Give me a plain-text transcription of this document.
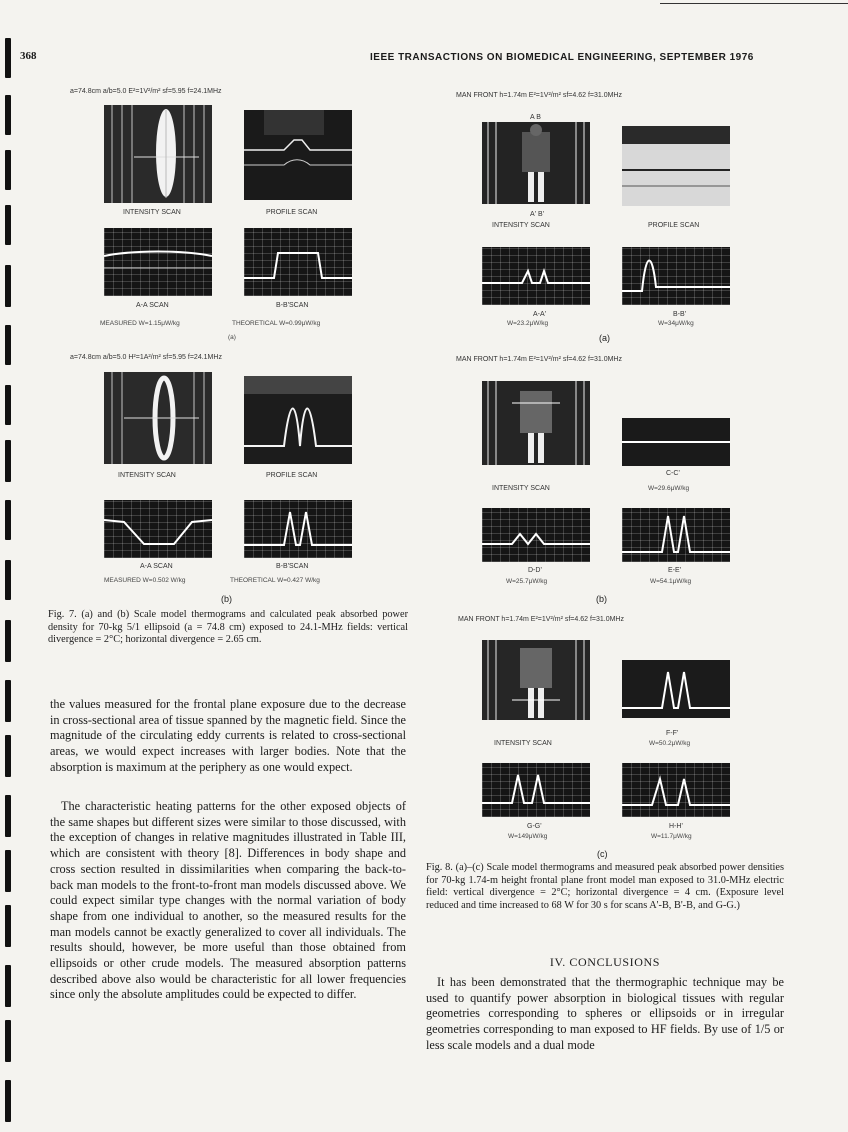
368	IEEE TRANSACTIONS ON BIOMEDICAL ENGINEERING, SEPTEMBER 1976
a=74.8cm a/b=5.0 E²=1V²/m² sf=5.95 f=24.1MHz
INTENSITY SCAN	PROFILE SCAN
A-A SCAN	B-B'SCAN
MEASURED W=1.15μW/kg	THEORETICAL W=0.99μW/kg
(a)
a=74.8cm a/b=5.0 H²=1A²/m² sf=5.95 f=24.1MHz
INTENSITY SCAN	PROFILE SCAN
A-A SCAN	B-B'SCAN
MEASURED W=0.502 W/kg	THEORETICAL W=0.427 W/kg
(b)
Fig. 7. (a) and (b) Scale model thermograms and calculated peak absorbed power density for 70-kg 5/1 ellipsoid (a = 74.8 cm) exposed to 24.1-MHz fields: vertical divergence = 2°C; horizontal divergence = 2.65 cm.
the values measured for the frontal plane exposure due to the decrease in cross-sectional area of tissue spanned by the magnetic field. Since the magnitude of the circulating eddy currents is related to cross-sectional areas, we would expect increases with larger bodies. Note that the absorption is maximum at the periphery as one would expect.
The characteristic heating patterns for the other exposed objects of the same shapes but different sizes were similar to those discussed, with the exception of changes in relative magnitudes illustrated in Table III, which are consistent with theory [8]. Differences in body shape and cross section resulted in dissimilarities when comparing the back-to-back man models to the front-to-front man models discussed above. We could expect similar type changes with the normal variation of body shape from one individual to another, so the measured results for the man models cannot be exactly generalized to cover all individuals. The results should, however, be more useful than those obtained from ellipsoids or other crude models. The measured absorption patterns described above also would be characteristic for all lower frequencies since only the absolute amplitudes could be expected to differ.
MAN FRONT h=1.74m E²=1V²/m² sf=4.62 f=31.0MHz
A B
A' B'
INTENSITY SCAN	PROFILE SCAN
A-A'
W=23.2μW/kg
B-B'
W=34μW/kg
(a)
MAN FRONT h=1.74m E²=1V²/m² sf=4.62 f=31.0MHz
C-C'
INTENSITY SCAN	W=29.6μW/kg
D-D'
W=25.7μW/kg
E-E'
W=54.1μW/kg
(b)
MAN FRONT h=1.74m E²=1V²/m² sf=4.62 f=31.0MHz
F-F'
INTENSITY SCAN	W=50.2μW/kg
G-G'
W=149μW/kg
H-H'
W=11.7μW/kg
(c)
Fig. 8. (a)–(c) Scale model thermograms and measured peak absorbed power densities for 70-kg 1.74-m height frontal plane front model man exposed to 31.0-MHz electric field: vertical divergence = 2°C; horizontal divergence = 4 cm. (Exposure level reduced and time increased to 68 W for 30 s for scans A'-B, B'-B, and G-G.)
IV. CONCLUSIONS
It has been demonstrated that the thermographic technique may be used to quantify power absorption in biological tissues with regular geometries corresponding to spheres or ellipsoids or in irregular geometries corresponding to man exposed to HF fields. By use of 1/5 or less scale models and a dual mode
